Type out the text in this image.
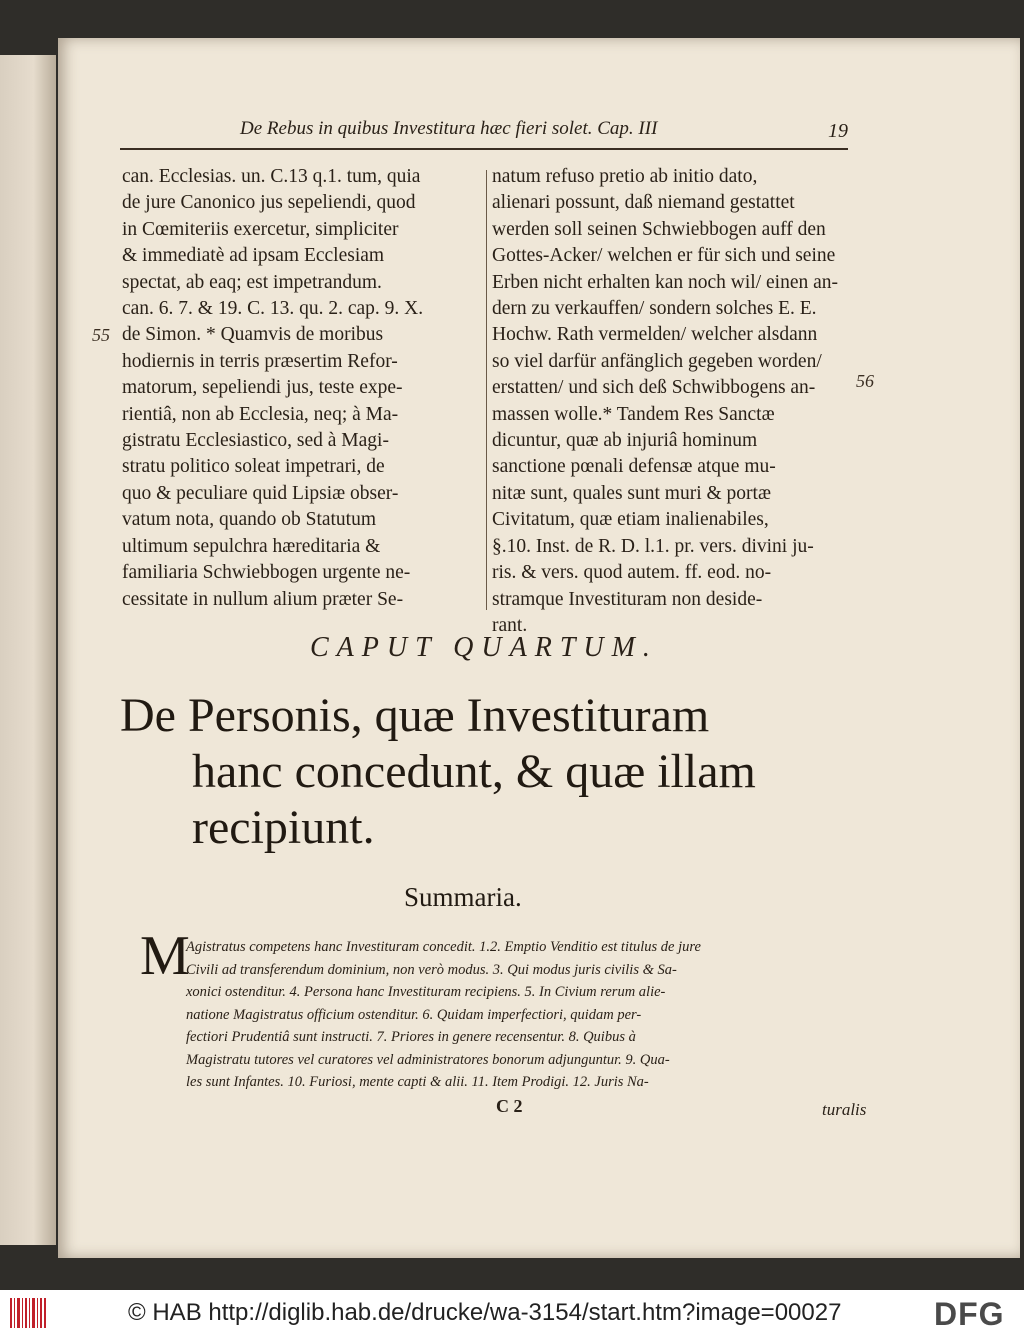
De Rebus in quibus Investitura hæc fieri solet. Cap. III	19

can. Ecclesias. un. C.13 q.1. tum, quia

de jure Canonico jus sepeliendi, quod

in Cœmiteriis exercetur, simpliciter

& immediatè ad ipsam Ecclesiam

spectat, ab eaq; est impetrandum.

can. 6. 7. & 19. C. 13. qu. 2. cap. 9. X.

de Simon. * Quamvis de moribus

hodiernis in terris præsertim Refor-

matorum, sepeliendi jus, teste expe-

rientiâ, non ab Ecclesia, neq; à Ma-

gistratu Ecclesiastico, sed à Magi-

stratu politico soleat impetrari, de

quo & peculiare quid Lipsiæ obser-

vatum nota, quando ob Statutum

ultimum sepulchra hæreditaria &

familiaria Schwiebbogen urgente ne-

cessitate in nullum alium præter Se-

natum refuso pretio ab initio dato,

alienari possunt, daß niemand gestattet

werden soll seinen Schwiebbogen auff den

Gottes-Acker/ welchen er für sich und seine

Erben nicht erhalten kan noch wil/ einen an-

dern zu verkauffen/ sondern solches E. E.

Hochw. Rath vermelden/ welcher alsdann

so viel darfür anfänglich gegeben worden/

erstatten/ und sich deß Schwibbogens an-

massen wolle.* Tandem Res Sanctæ

dicuntur, quæ ab injuriâ hominum

sanctione pœnali defensæ atque mu-

nitæ sunt, quales sunt muri & portæ

Civitatum, quæ etiam inalienabiles,

§.10. Inst. de R. D. l.1. pr. vers. divini ju-

ris. & vers. quod autem. ff. eod. no-

stramque Investituram non deside-

rant.

55
56
CAPUT QUARTUM.
De Personis, quæ Investituram
hanc concedunt, & quæ illam
recipiunt.
Summaria.
M
Agistratus competens hanc Investituram concedit. 1.2. Emptio Venditio est titulus de jure
Civili ad transferendum dominium, non verò modus. 3. Qui modus juris civilis & Sa-
xonici ostenditur. 4. Persona hanc Investituram recipiens. 5. In Civium rerum alie-
natione Magistratus officium ostenditur. 6. Quidam imperfectiori, quidam per-
fectiori Prudentiâ sunt instructi. 7. Priores in genere recensentur. 8. Quibus à
Magistratu tutores vel curatores vel administratores bonorum adjunguntur. 9. Qua-
les sunt Infantes. 10. Furiosi, mente capti & alii. 11. Item Prodigi. 12. Juris Na-
C 2	turalis
© HAB http://diglib.hab.de/drucke/wa-3154/start.htm?image=00027	DFG
